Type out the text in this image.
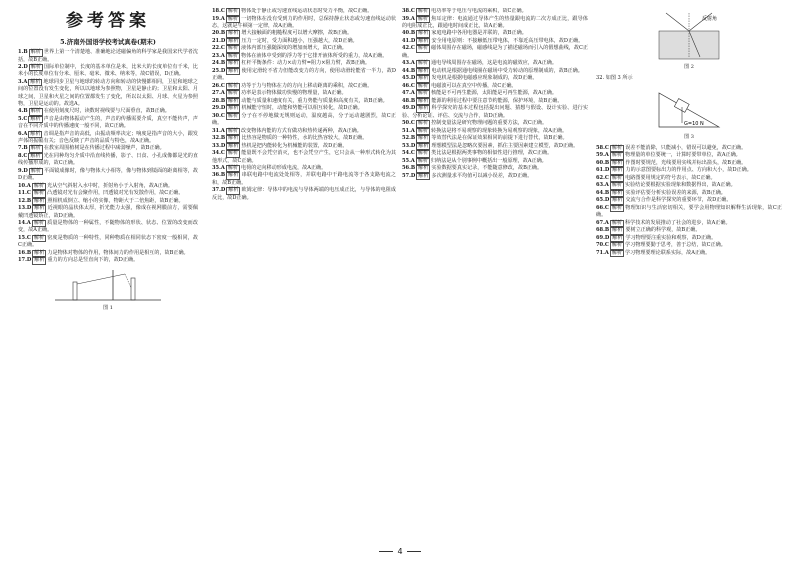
参考答案
5.济南外国语学校考试真卷(期末)
1.B 解析 世界上第一个清楚地、准确地论述磁偏角的科学家是我国宋代学者沈括，故B正确。
2.D 解析 国际单位制中，长度的基本单位是米，比米大的长度单位有千米，比米小的长度单位有分米、厘米、毫米、微米、纳米等，故C错误，D正确。
3.A 解析 地球同步卫星与地球的转动方向和转动的快慢都相同，卫星和地球之间的位置没有发生变化，所以以地球为参照物，卫星是静止的；卫星和太阳、月球之间，卫星和火星之间的位置都发生了变化，所以以太阳、月球、火星为参照物，卫星是运动的。故选A。
4.B 解析 在使用刻度尺时，读数时视线要与尺面垂直，故B正确。
5.C 解析 声音是由物体振动产生的，声音的传播需要介质，真空不能传声，声音在不同介质中的传播速度一般不同，故C正确。
6.A 解析 音调是指声音的高低，由振动频率决定；响度是指声音的大小，跟发声体的振幅有关；音色反映了声音的品质与特色，故A正确。
7.B 解析 在教室周围植树是在传播过程中减弱噪声，故B正确。
8.C 解析 光在同种均匀介质中沿直线传播，影子、日食、小孔成像都是光的直线传播形成的，故C正确。
9.D 解析 平面镜成像时，像与物体大小相等，像与物体到镜面的距离相等，故D正确。
10.A 解析 光从空气斜射入水中时，折射角小于入射角，故A正确。
11.C 解析 凸透镜对光有会聚作用，凹透镜对光有发散作用，故C正确。
12.B 解析 照相机成倒立、缩小的实像，物距大于二倍焦距，故B正确。
13.D 解析 近视眼的晶状体太厚，折光能力太强，像成在视网膜前方，需要佩戴凹透镜矫正，故D正确。
14.A 解析 质量是物体的一种属性，不随物体的形状、状态、位置的改变而改变，故A正确。
15.C 解析 密度是物质的一种特性，同种物质在相同状态下密度一般相同，故C正确。
16.B 解析 力是物体对物体的作用，物体间力的作用是相互的，故B正确。
17.D 解析 重力的方向总是竖直向下的，故D正确。
图 1
18.C 解析 物体处于静止或匀速直线运动状态时受力平衡，故C正确。
19.A 解析 一切物体在没有受到力的作用时，总保持静止状态或匀速直线运动状态，这就是牛顿第一定律，故A正确。
20.B 解析 增大接触面的粗糙程度可以增大摩擦，故B正确。
21.D 解析 压力一定时，受力面积越小，压强越大，故D正确。
22.C 解析 液体内部压强随深度的增加而增大，故C正确。
23.A 解析 物体在液体中受到的浮力等于它排开液体所受的重力，故A正确。
24.B 解析 杠杆平衡条件：动力×动力臂=阻力×阻力臂，故B正确。
25.D 解析 使用定滑轮不省力但能改变力的方向，使用动滑轮能省一半力，故D正确。
26.C 解析 功等于力与物体在力的方向上移动距离的乘积，故C正确。
27.A 解析 功率是表示物体做功快慢的物理量，故A正确。
28.B 解析 动能与质量和速度有关，重力势能与质量和高度有关，故B正确。
29.D 解析 机械能守恒时，动能和势能可以相互转化，故D正确。
30.C 解析 分子在不停地做无规则运动，温度越高，分子运动越剧烈，故C正确。
31.A 解析 改变物体内能的方式有做功和热传递两种，故A正确。
32.B 解析 比热容是物质的一种特性，水的比热容较大，故B正确。
33.D 解析 热机是把内能转化为机械能的装置，故D正确。
34.C 解析 能量既不会凭空消灭，也不会凭空产生，它只会从一种形式转化为其他形式，故C正确。
35.A 解析 电荷的定向移动形成电流，故A正确。
36.B 解析 串联电路中电流处处相等，并联电路中干路电流等于各支路电流之和，故B正确。
37.D 解析 欧姆定律：导体中的电流与导体两端的电压成正比，与导体的电阻成反比，故D正确。
38.C 解析 电功率等于电压与电流的乘积，故C正确。
39.A 解析 焦耳定律：电流通过导体产生的热量跟电流的二次方成正比，跟导体的电阻成正比，跟通电时间成正比，故A正确。
40.B 解析 家庭电路中各用电器是并联的，故B正确。
41.D 解析 安全用电原则：不接触低压带电体，不靠近高压带电体，故D正确。
42.C 解析 磁体周围存在磁场，磁感线是为了描述磁场而引入的假想曲线，故C正确。
43.A 解析 通电导线周围存在磁场，这是电流的磁效应，故A正确。
44.B 解析 电动机是根据通电线圈在磁场中受力转动的原理制成的，故B正确。
45.D 解析 发电机是根据电磁感应现象制成的，故D正确。
46.C 解析 电磁波可以在真空中传播，故C正确。
47.A 解析 核能是不可再生能源，太阳能是可再生能源，故A正确。
48.B 解析 能源的利用过程中要注意节约能源，保护环境，故B正确。
49.D 解析 科学探究的基本过程包括提出问题、猜想与假设、设计实验、进行实验、分析论证、评估、交流与合作，故D正确。
50.C 解析 控制变量法是研究物理问题的重要方法，故C正确。
51.A 解析 转换法是将不易观察的现象转换为易观察的现象，故A正确。
52.B 解析 等效替代法是在保证效果相同的前提下进行替代，故B正确。
53.D 解析 理想模型法是忽略次要因素，抓住主要因素建立模型，故D正确。
54.C 解析 类比法是根据两类事物的相似性进行推理，故C正确。
55.A 解析 归纳法是从个别事例中概括出一般原理，故A正确。
56.B 解析 实验数据要真实记录，不能随意修改，故B正确。
57.D 解析 多次测量求平均值可以减小误差，故D正确。
反射角
图 2
32. 如图 3 所示
G=10 N
图 3
58.C 解析 误差不能消除，只能减小，错误可以避免，故C正确。
59.A 解析 物理量的单位要统一，计算时要带单位，故A正确。
60.B 解析 作图时要规范，光线要用实线并标出箭头，故B正确。
61.D 解析 力的示意图要标出力的作用点、方向和大小，故D正确。
62.C 解析 电路图要用规定的符号表示，故C正确。
63.A 解析 实验结论要根据实验现象和数据得出，故A正确。
64.B 解析 实验评估要分析实验误差的来源，故B正确。
65.D 解析 交流与合作是科学探究的重要环节，故D正确。
66.C 解析 物理知识与生活密切相关，要学会用物理知识解释生活现象，故C正确。
67.A 解析 科学技术的发展推动了社会的进步，故A正确。
68.B 解析 要树立正确的科学观，故B正确。
69.D 解析 学习物理要注重实验和观察，故D正确。
70.C 解析 学习物理要勤于思考，善于总结，故C正确。
71.A 解析 学习物理要理论联系实际，故A正确。
4
